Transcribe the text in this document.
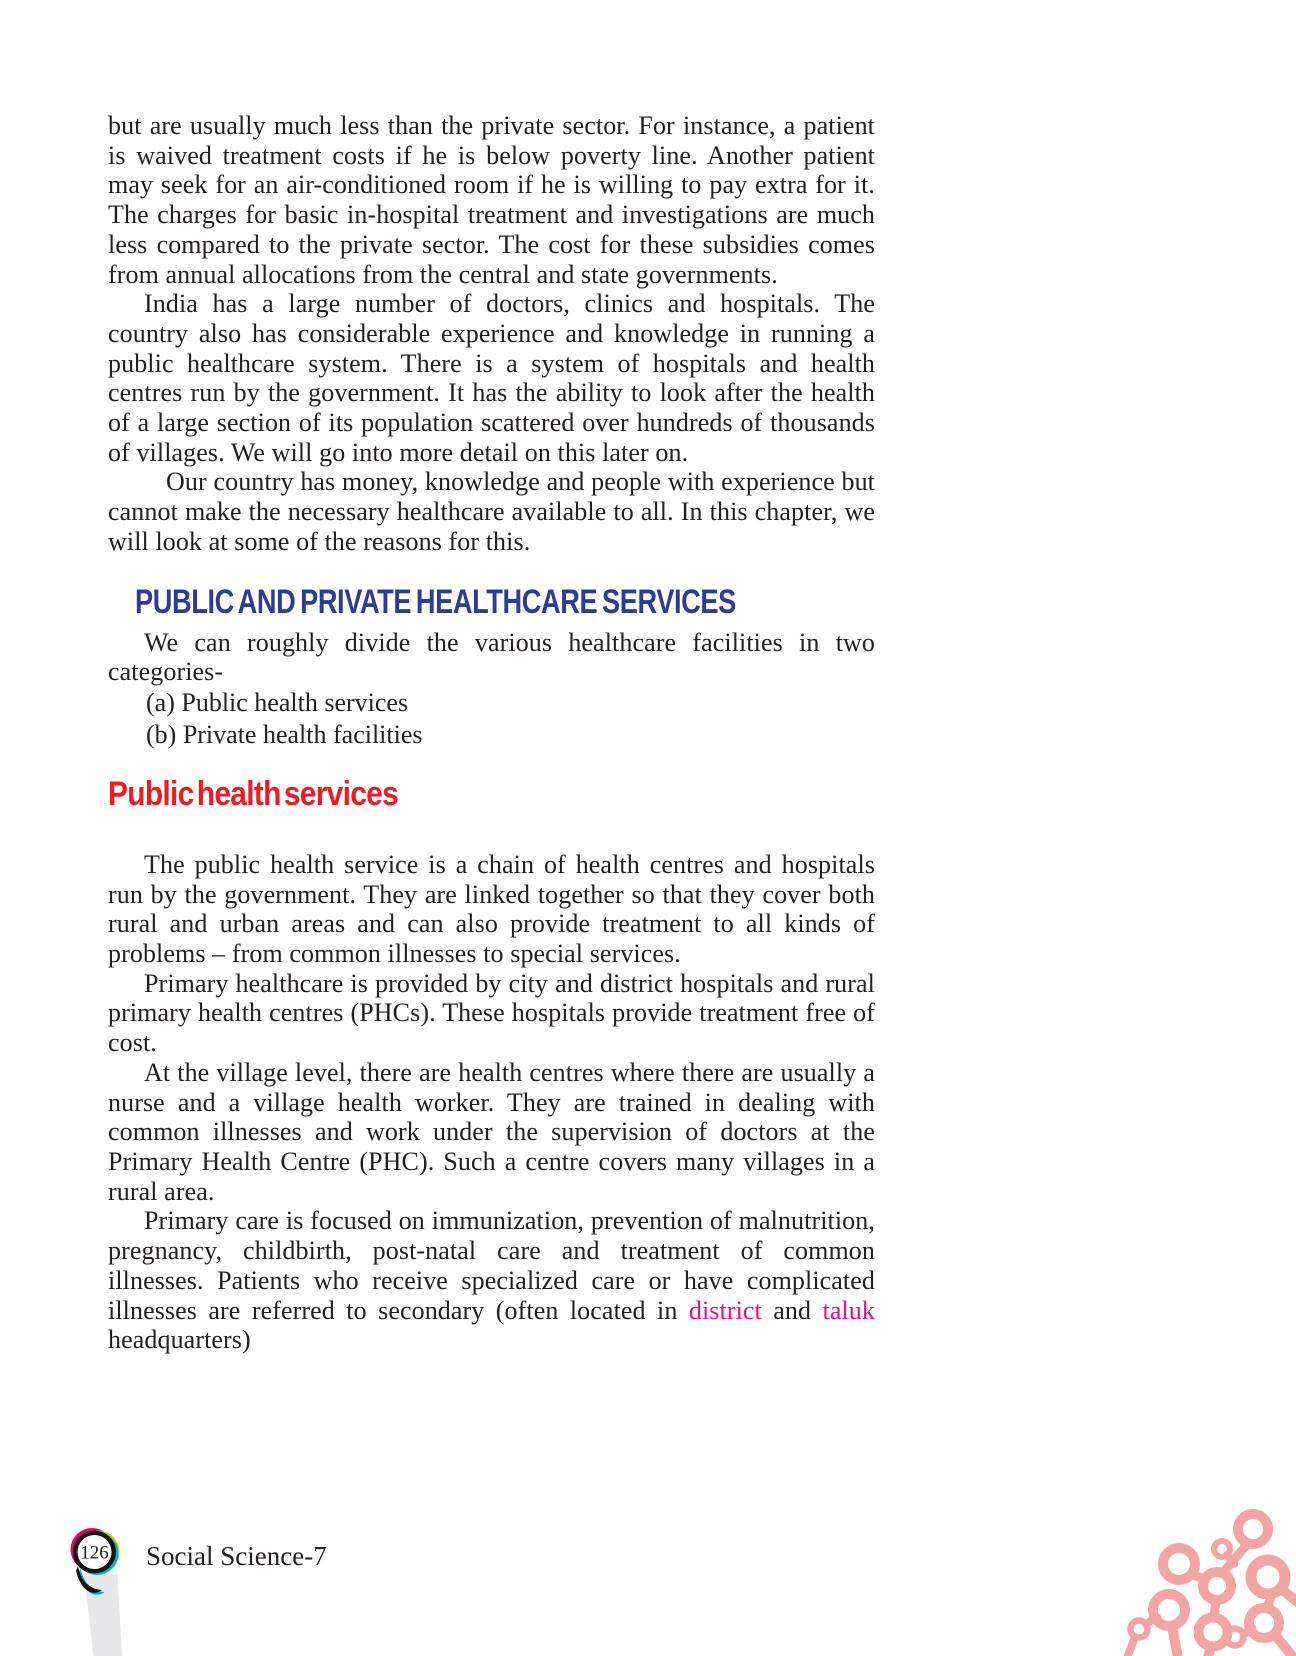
but are usually much less than the private sector. For instance, a patient is waived treatment costs if he is below poverty line. Another patient may seek for an air-conditioned room if he is willing to pay extra for it. The charges for basic in-hospital treatment and investigations are much less compared to the private sector. The cost for these subsidies comes from annual allocations from the central and state governments.

India has a large number of doctors, clinics and hospitals. The country also has considerable experience and knowledge in running a public healthcare system. There is a system of hospitals and health centres run by the government. It has the ability to look after the health of a large section of its population scattered over hundreds of thousands of villages. We will go into more detail on this later on.

Our country has money, knowledge and people with experience but cannot make the necessary healthcare available to all. In this chapter, we will look at some of the reasons for this.

PUBLIC AND PRIVATE HEALTHCARE SERVICES

We can roughly divide the various healthcare facilities in two categories-

(a) Public health services
(b) Private health facilities
Public health services

The public health service is a chain of health centres and hospitals run by the government. They are linked together so that they cover both rural and urban areas and can also provide treatment to all kinds of problems – from common illnesses to special services.

Primary healthcare is provided by city and district hospitals and rural primary health centres (PHCs). These hospitals provide treatment free of cost.

At the village level, there are health centres where there are usually a nurse and a village health worker. They are trained in dealing with common illnesses and work under the supervision of doctors at the Primary Health Centre (PHC). Such a centre covers many villages in a rural area.

Primary care is focused on immunization, prevention of malnutrition, pregnancy, childbirth, post-natal care and treatment of common illnesses. Patients who receive specialized care or have complicated illnesses are referred to secondary (often located in district and taluk headquarters)

126 Social Science-7
